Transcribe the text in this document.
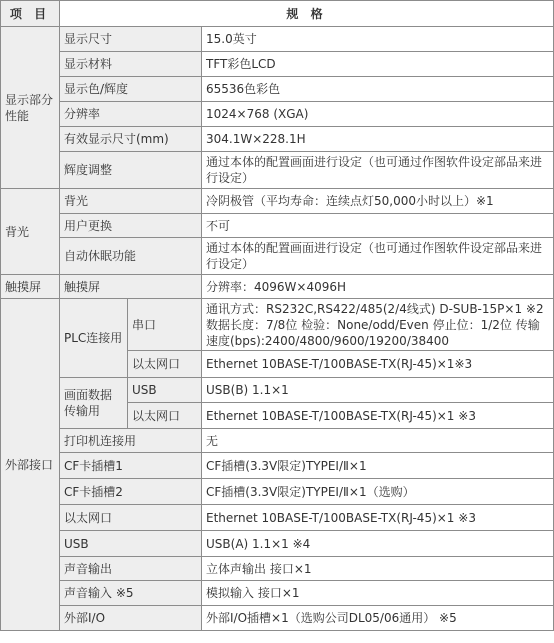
项 目	规 格		
显示部分性能	显示尺寸		15.0英寸
	显示材料		TFT彩色LCD
	显示色/辉度		65536色彩色
	分辨率		1024×768 (XGA)
	有效显示尺寸(mm)		304.1W×228.1H
	辉度调整		通过本体的配置画面进行设定（也可通过作图软件设定部品来进行设定）
背光	背光		冷阴极管（平均寿命：连续点灯50,000小时以上）※1
	用户更换		不可
	自动休眠功能		通过本体的配置画面进行设定（也可通过作图软件设定部品来进行设定）
触摸屏	触摸屏		分辨率：4096W×4096H
外部接口	PLC连接用	串口	通讯方式：RS232C,RS422/485(2/4线式) D-SUB-15P×1 ※2 数据长度：7/8位 检验：None/odd/Even 停止位：1/2位 传输速度(bps):2400/4800/9600/19200/38400
		以太网口	Ethernet 10BASE-T/100BASE-TX(RJ-45)×1※3
	画面数据传输用	USB	USB(B) 1.1×1
		以太网口	Ethernet 10BASE-T/100BASE-TX(RJ-45)×1 ※3
	打印机连接用		无
	CF卡插槽1		CF插槽(3.3V限定)TYPEⅠ/Ⅱ×1
	CF卡插槽2		CF插槽(3.3V限定)TYPEⅠ/Ⅱ×1（选购）
	以太网口		Ethernet 10BASE-T/100BASE-TX(RJ-45)×1 ※3
	USB		USB(A) 1.1×1 ※4
	声音输出		立体声输出 接口×1
	声音输入 ※5		模拟输入 接口×1
	外部I/O		外部I/O插槽×1（选购公司DL05/06通用） ※5
